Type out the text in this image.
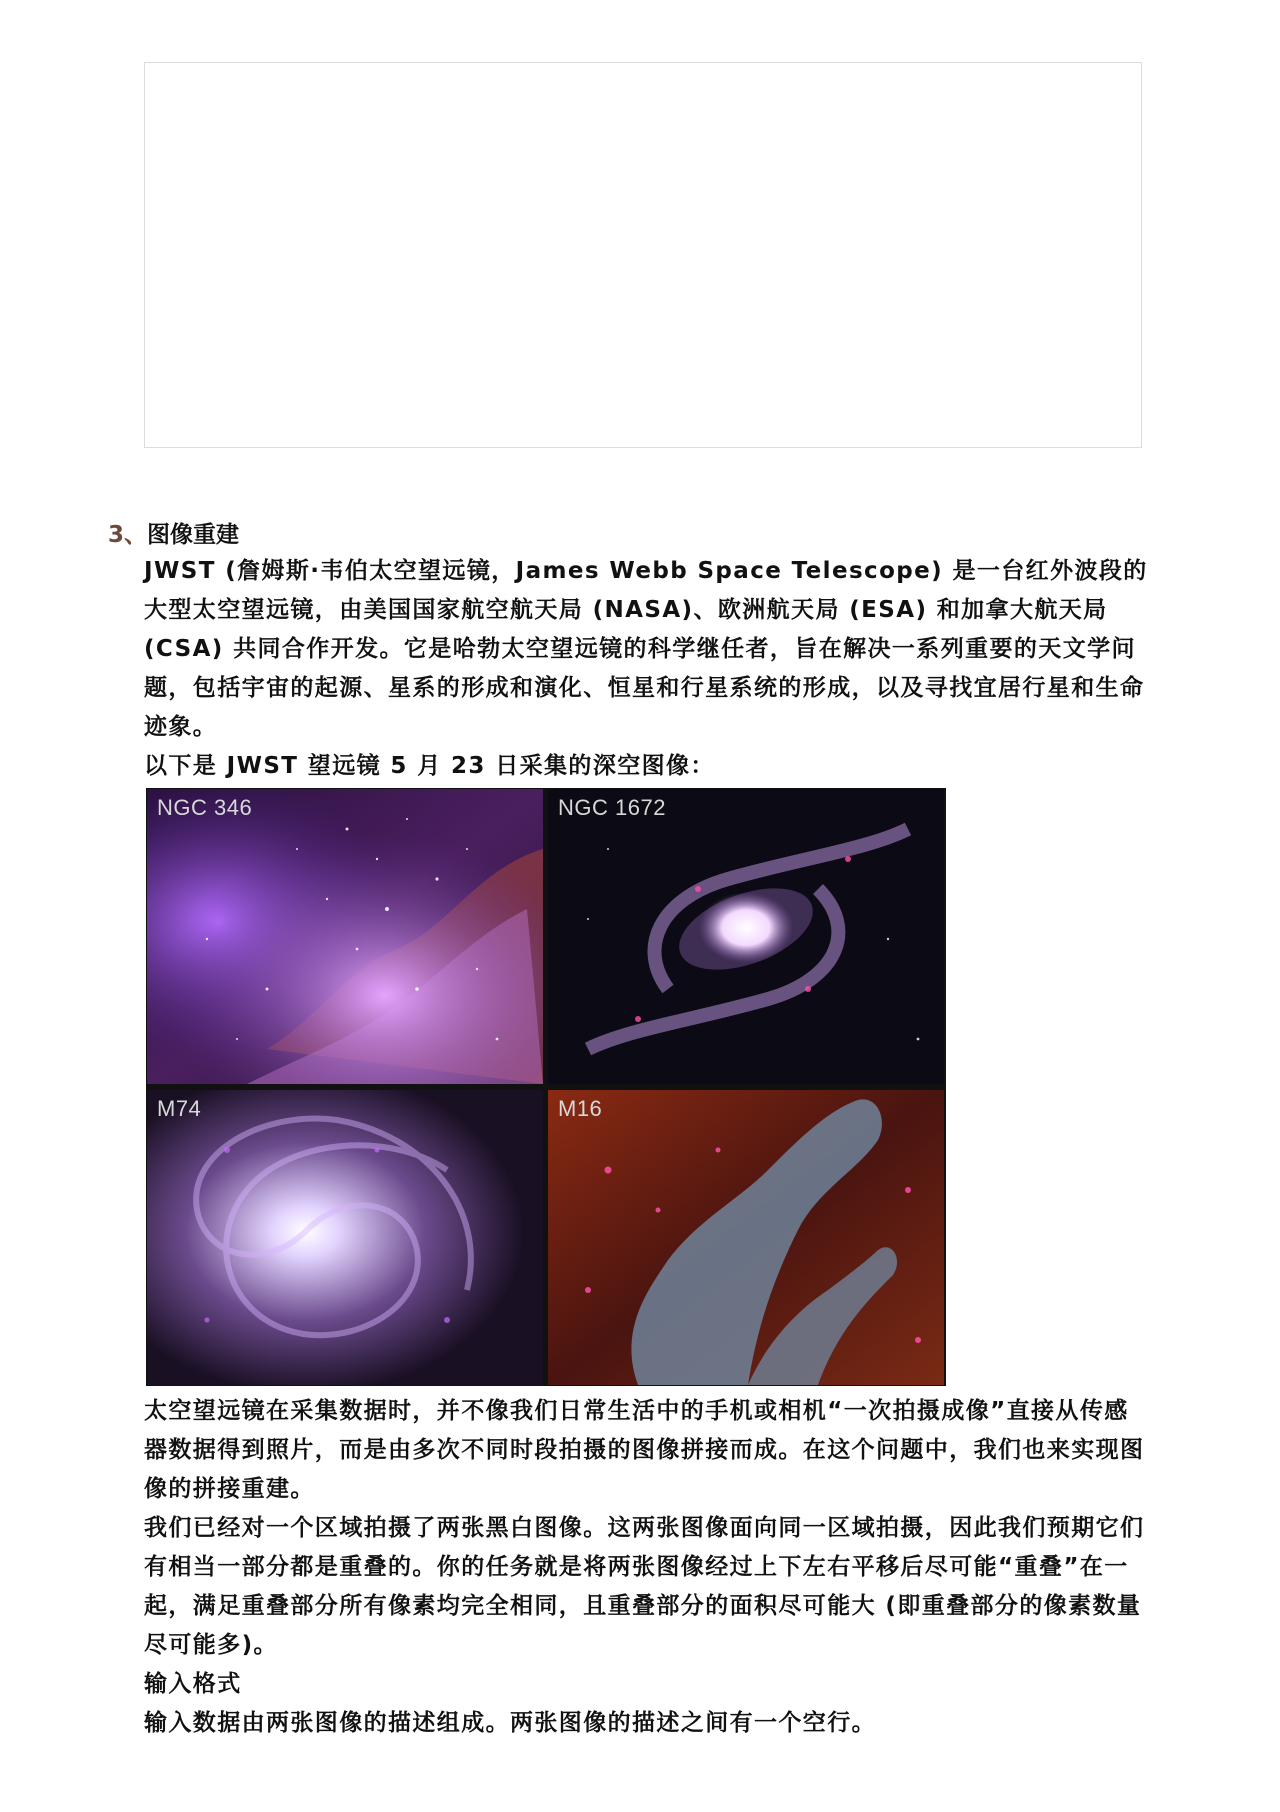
3、图像重建

JWST (詹姆斯·韦伯太空望远镜，James Webb Space Telescope) 是一台红外波段的大型太空望远镜，由美国国家航空航天局 (NASA)、欧洲航天局 (ESA) 和加拿大航天局 (CSA) 共同合作开发。它是哈勃太空望远镜的科学继任者，旨在解决一系列重要的天文学问题，包括宇宙的起源、星系的形成和演化、恒星和行星系统的形成，以及寻找宜居行星和生命迹象。

以下是 JWST 望远镜 5 月 23 日采集的深空图像：

NGC 346	NGC 1672
M74	M16

太空望远镜在采集数据时，并不像我们日常生活中的手机或相机“一次拍摄成像”直接从传感器数据得到照片，而是由多次不同时段拍摄的图像拼接而成。在这个问题中，我们也来实现图像的拼接重建。

我们已经对一个区域拍摄了两张黑白图像。这两张图像面向同一区域拍摄，因此我们预期它们有相当一部分都是重叠的。你的任务就是将两张图像经过上下左右平移后尽可能“重叠”在一起，满足重叠部分所有像素均完全相同，且重叠部分的面积尽可能大 (即重叠部分的像素数量尽可能多)。

输入格式

输入数据由两张图像的描述组成。两张图像的描述之间有一个空行。
